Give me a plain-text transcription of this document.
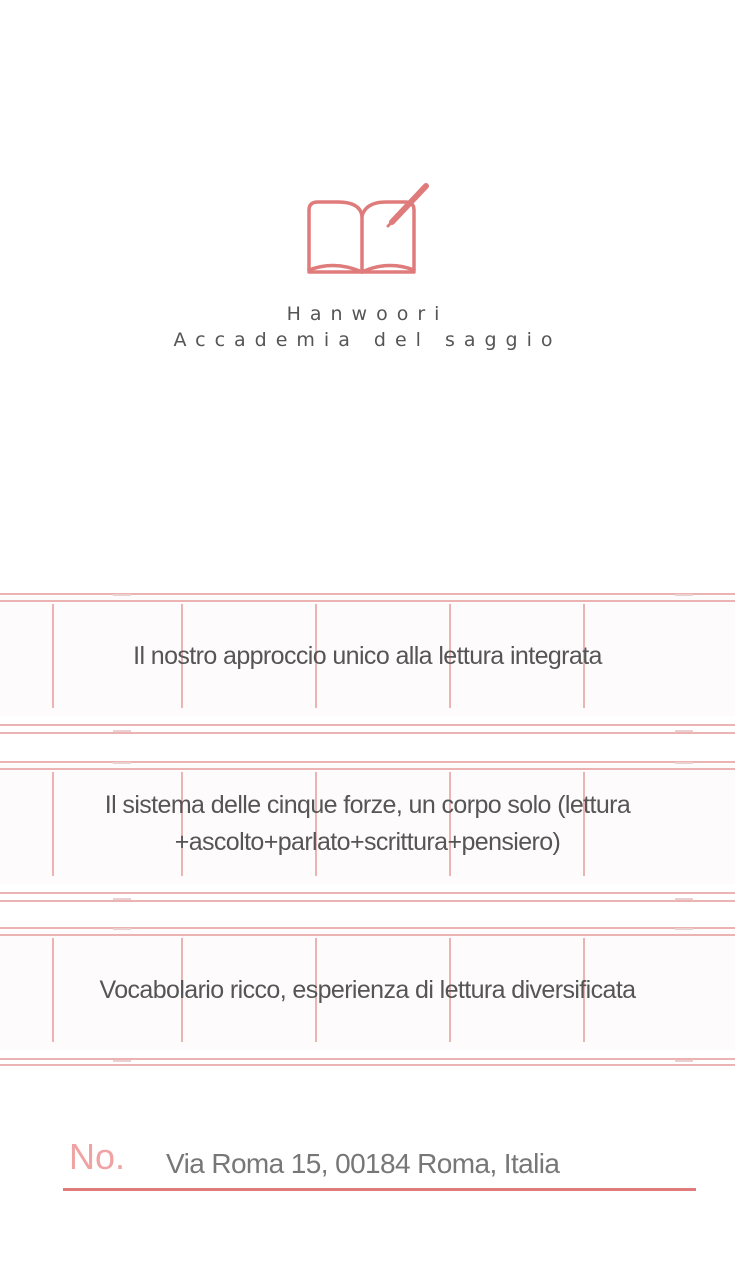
Hanwoori
Accademia del saggio
Il nostro approccio unico alla lettura integrata
Il sistema delle cinque forze, un corpo solo (lettura+ascolto+parlato+scrittura+pensiero)
Vocabolario ricco, esperienza di lettura diversificata
No. Via Roma 15, 00184 Roma, Italia
